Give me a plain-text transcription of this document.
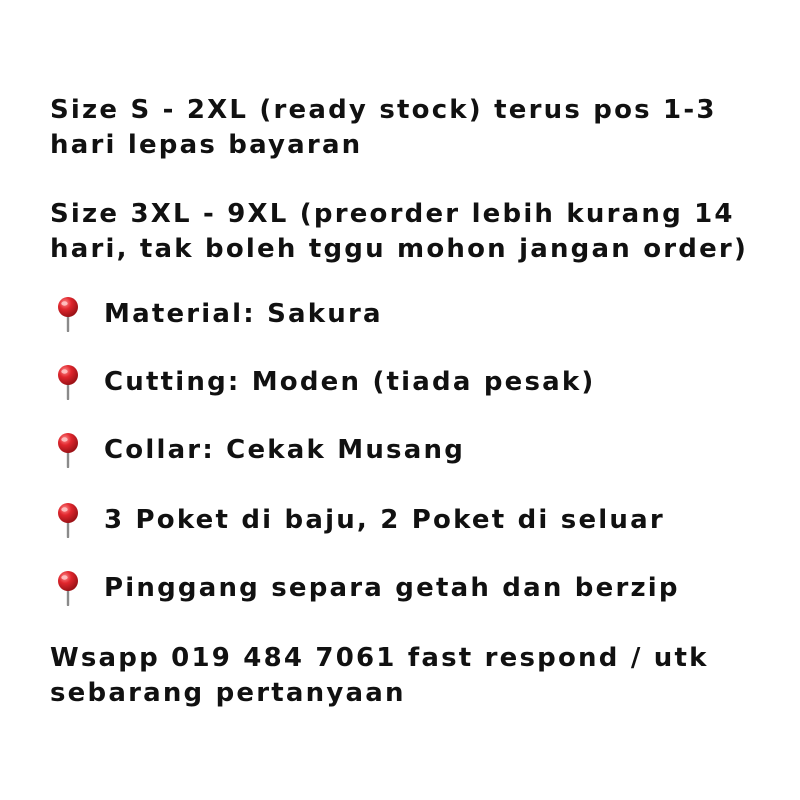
Size S - 2XL (ready stock) terus pos 1-3
hari lepas bayaran
Size 3XL - 9XL (preorder lebih kurang 14
hari, tak boleh tggu mohon jangan order)
Material: Sakura
Cutting: Moden (tiada pesak)
Collar: Cekak Musang
3 Poket di baju, 2 Poket di seluar
Pinggang separa getah dan berzip
Wsapp 019 484 7061 fast respond / utk
sebarang pertanyaan
